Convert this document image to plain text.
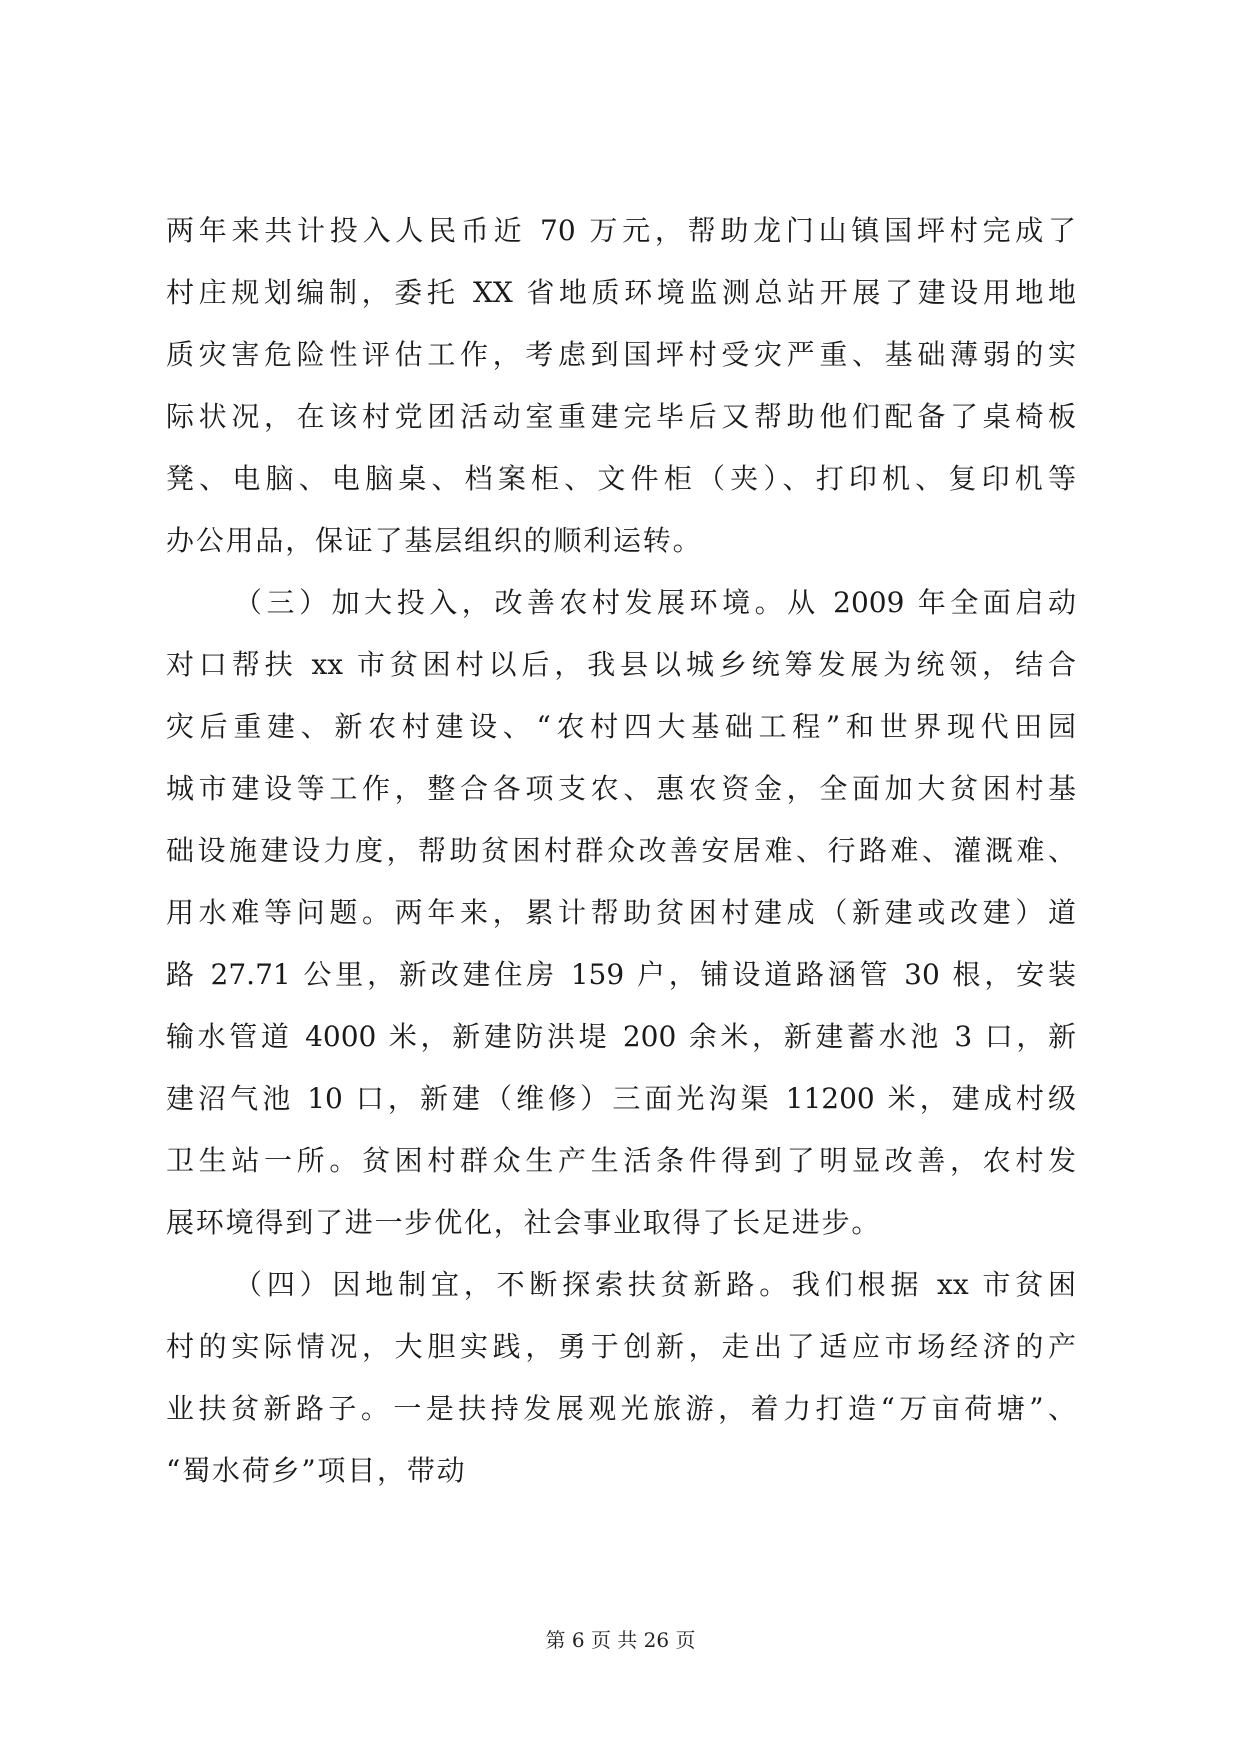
两年来共计投入人民币近 70 万元，帮助龙门山镇国坪村完成了
村庄规划编制，委托 XX 省地质环境监测总站开展了建设用地地
质灾害危险性评估工作，考虑到国坪村受灾严重、基础薄弱的实
际状况，在该村党团活动室重建完毕后又帮助他们配备了桌椅板
凳、电脑、电脑桌、档案柜、文件柜（夹）、打印机、复印机等
办公用品，保证了基层组织的顺利运转。
（三）加大投入，改善农村发展环境。从 2009 年全面启动
对口帮扶 xx 市贫困村以后，我县以城乡统筹发展为统领，结合
灾后重建、新农村建设、“农村四大基础工程”和世界现代田园
城市建设等工作，整合各项支农、惠农资金，全面加大贫困村基
础设施建设力度，帮助贫困村群众改善安居难、行路难、灌溉难、
用水难等问题。两年来，累计帮助贫困村建成（新建或改建）道
路 27.71 公里，新改建住房 159 户，铺设道路涵管 30 根，安装
输水管道 4000 米，新建防洪堤 200 余米，新建蓄水池 3 口，新
建沼气池 10 口，新建（维修）三面光沟渠 11200 米，建成村级
卫生站一所。贫困村群众生产生活条件得到了明显改善，农村发
展环境得到了进一步优化，社会事业取得了长足进步。
（四）因地制宜，不断探索扶贫新路。我们根据 xx 市贫困
村的实际情况，大胆实践，勇于创新，走出了适应市场经济的产
业扶贫新路子。一是扶持发展观光旅游，着力打造“万亩荷塘”、
“蜀水荷乡”项目，带动
第 6 页 共 26 页
